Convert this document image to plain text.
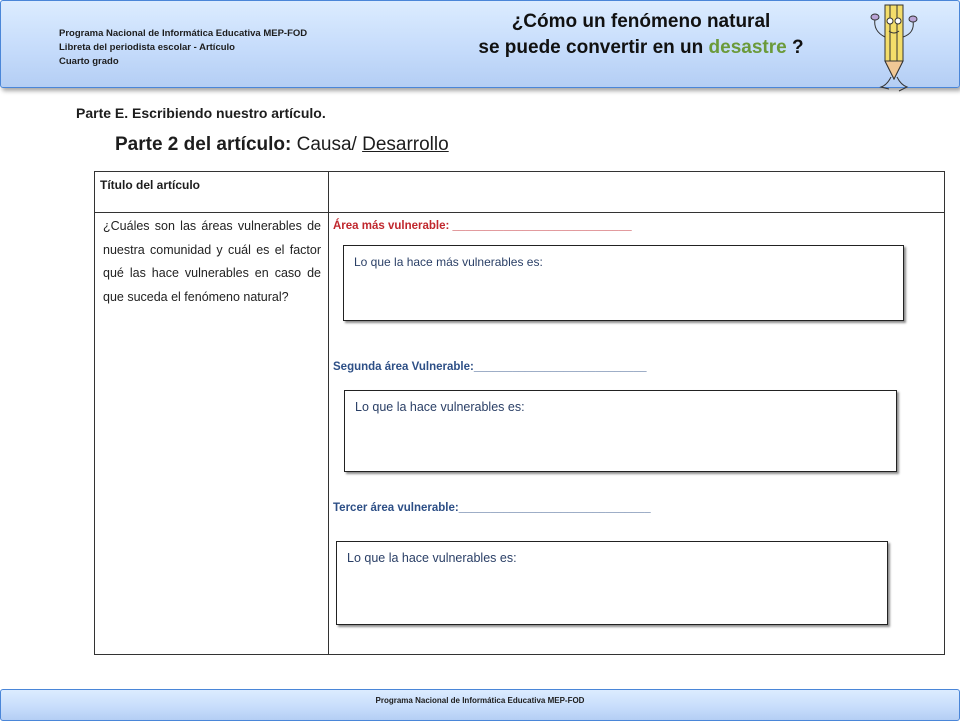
Programa Nacional de Informática Educativa MEP-FOD
Libreta del periodista escolar - Artículo
Cuarto grado
¿Cómo un fenómeno natural
se puede convertir en un desastre ?
Parte E. Escribiendo nuestro artículo.
Parte 2 del artículo: Causa/ Desarrollo
Título del artículo
¿Cuáles son las áreas vulnerables de nuestra comunidad y cuál es el factor qué las hace vulnerables en caso de que suceda el fenómeno natural?
Área más vulnerable: ____________________________
Lo que la hace más vulnerables es:
Segunda área Vulnerable:___________________________
Lo que la hace vulnerables es:
Tercer área vulnerable:______________________________
Lo que la hace vulnerables es:
Programa Nacional de Informática Educativa MEP-FOD
